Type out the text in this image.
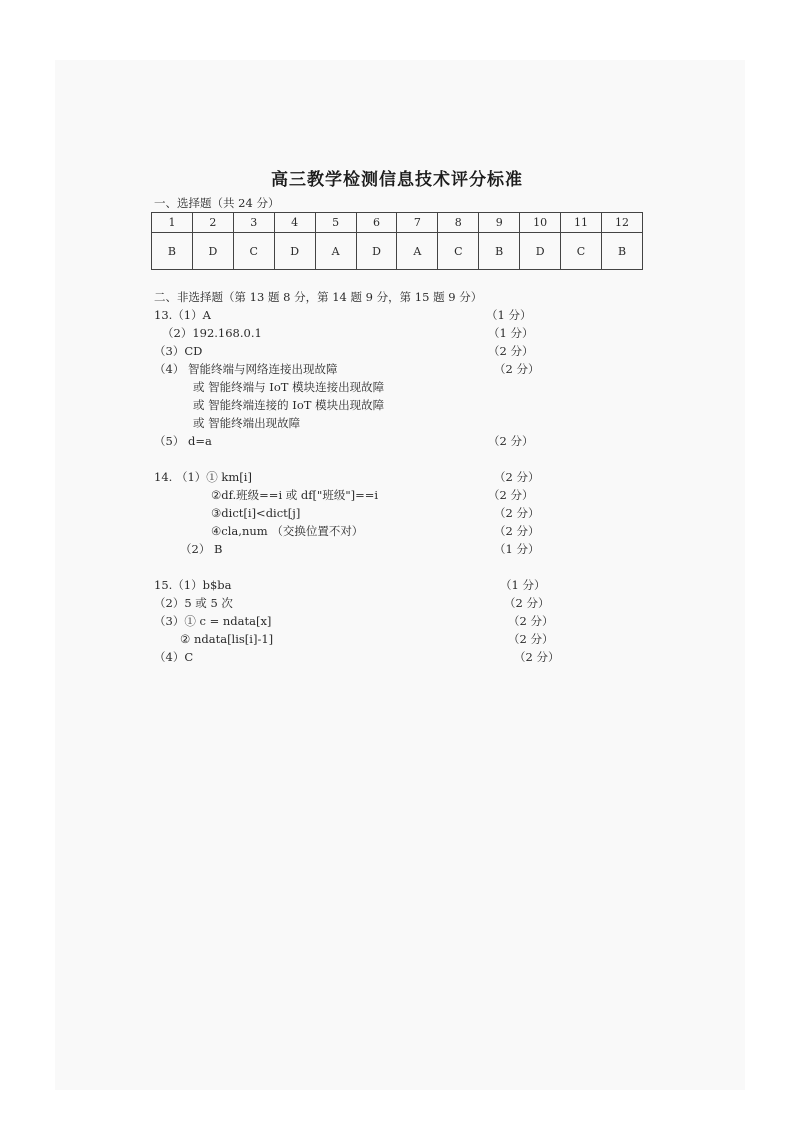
高三教学检测信息技术评分标准
一、选择题（共 24 分）
1	2	3	4	5	6	7	8	9	10	11	12
B	D	C	D	A	D	A	C	B	D	C	B
二、非选择题（第 13 题 8 分，第 14 题 9 分，第 15 题 9 分）
13.（1）A	（1 分）
（2）192.168.0.1	（1 分）
（3）CD	（2 分）
（4） 智能终端与网络连接出现故障	（2 分）
或 智能终端与 IoT 模块连接出现故障
或 智能终端连接的 IoT 模块出现故障
或 智能终端出现故障
（5） d=a	（2 分）
14. （1）① km[i]	（2 分）
②df.班级==i 或 df["班级"]==i	（2 分）
③dict[i]<dict[j]	（2 分）
④cla,num （交换位置不对）	（2 分）
（2） B	（1 分）
15.（1）b$ba	（1 分）
（2）5 或 5 次	（2 分）
（3）① c = ndata[x]	（2 分）
② ndata[lis[i]-1]	（2 分）
（4）C	（2 分）
